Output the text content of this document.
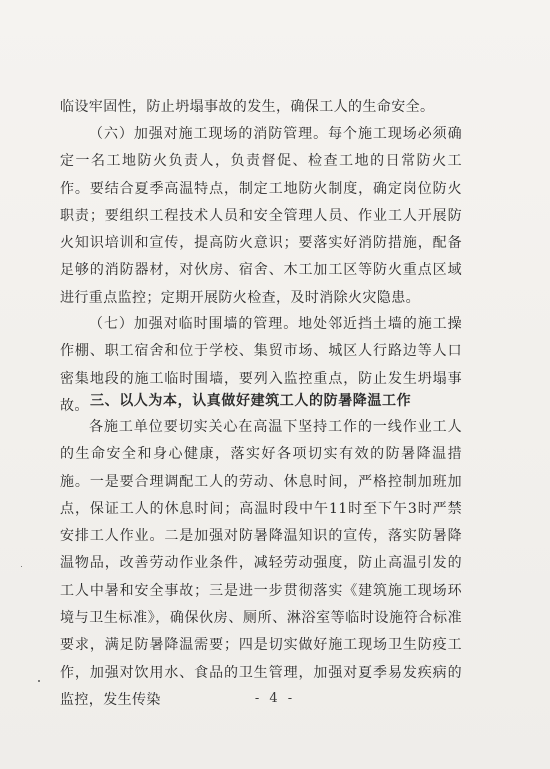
临设牢固性，防止坍塌事故的发生，确保工人的生命安全。

（六）加强对施工现场的消防管理。每个施工现场必须确定一名工地防火负责人，负责督促、检查工地的日常防火工作。要结合夏季高温特点，制定工地防火制度，确定岗位防火职责；要组织工程技术人员和安全管理人员、作业工人开展防火知识培训和宣传，提高防火意识；要落实好消防措施，配备足够的消防器材，对伙房、宿舍、木工加工区等防火重点区域进行重点监控；定期开展防火检查，及时消除火灾隐患。

（七）加强对临时围墙的管理。地处邻近挡土墙的施工操作棚、职工宿舍和位于学校、集贸市场、城区人行路边等人口密集地段的施工临时围墙，要列入监控重点，防止发生坍塌事故。 三、以人为本，认真做好建筑工人的防暑降温工作

各施工单位要切实关心在高温下坚持工作的一线作业工人的生命安全和身心健康，落实好各项切实有效的防暑降温措施。一是要合理调配工人的劳动、休息时间，严格控制加班加点，保证工人的休息时间；高温时段中午11时至下午3时严禁安排工人作业。二是加强对防暑降温知识的宣传，落实防暑降温物品，改善劳动作业条件，减轻劳动强度，防止高温引发的工人中暑和安全事故；三是进一步贯彻落实《建筑施工现场环境与卫生标准》，确保伙房、厕所、淋浴室等临时设施符合标准要求，满足防暑降温需要；四是切实做好施工现场卫生防疫工作，加强对饮用水、食品的卫生管理，加强对夏季易发疾病的监控，发生传染	- 4 -
